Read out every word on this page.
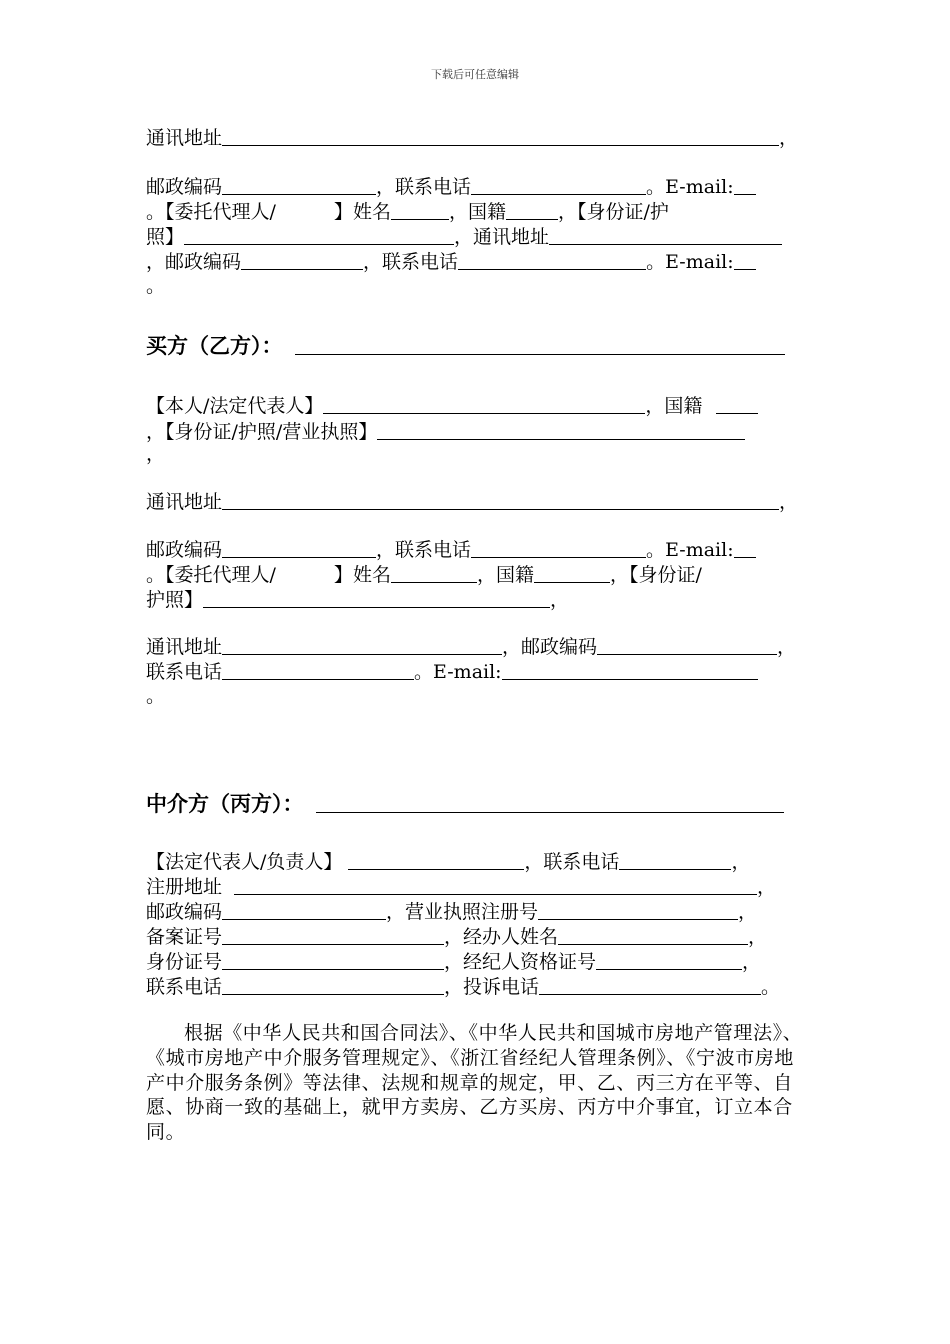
下载后可任意编辑
通讯地址	，
邮政编码	，联系电话	。E-mail:
。【委托代理人/	】姓名	，国籍	，【身份证/护
照】	，通讯地址
，邮政编码	，联系电话	。E-mail:
。
买方（乙方）：
【本人/法定代表人】	，国籍
，【身份证/护照/营业执照】
，
通讯地址	，
邮政编码	，联系电话	。E-mail:
。【委托代理人/	】姓名	，国籍	，【身份证/
护照】	，
通讯地址	，邮政编码	，
联系电话	。E-mail:
。
中介方（丙方）：
【法定代表人/负责人】	，联系电话	，
注册地址	，
邮政编码	，营业执照注册号	，
备案证号	，经办人姓名	，
身份证号	，经纪人资格证号	，
联系电话	，投诉电话	。
根据《中华人民共和国合同法》、《中华人民共和国城市房地产管理法》、《城市房地产中介服务管理规定》、《浙江省经纪人管理条例》、《宁波市房地产中介服务条例》等法律、法规和规章的规定，甲、乙、丙三方在平等、自愿、协商一致的基础上，就甲方卖房、乙方买房、丙方中介事宜，订立本合同。
